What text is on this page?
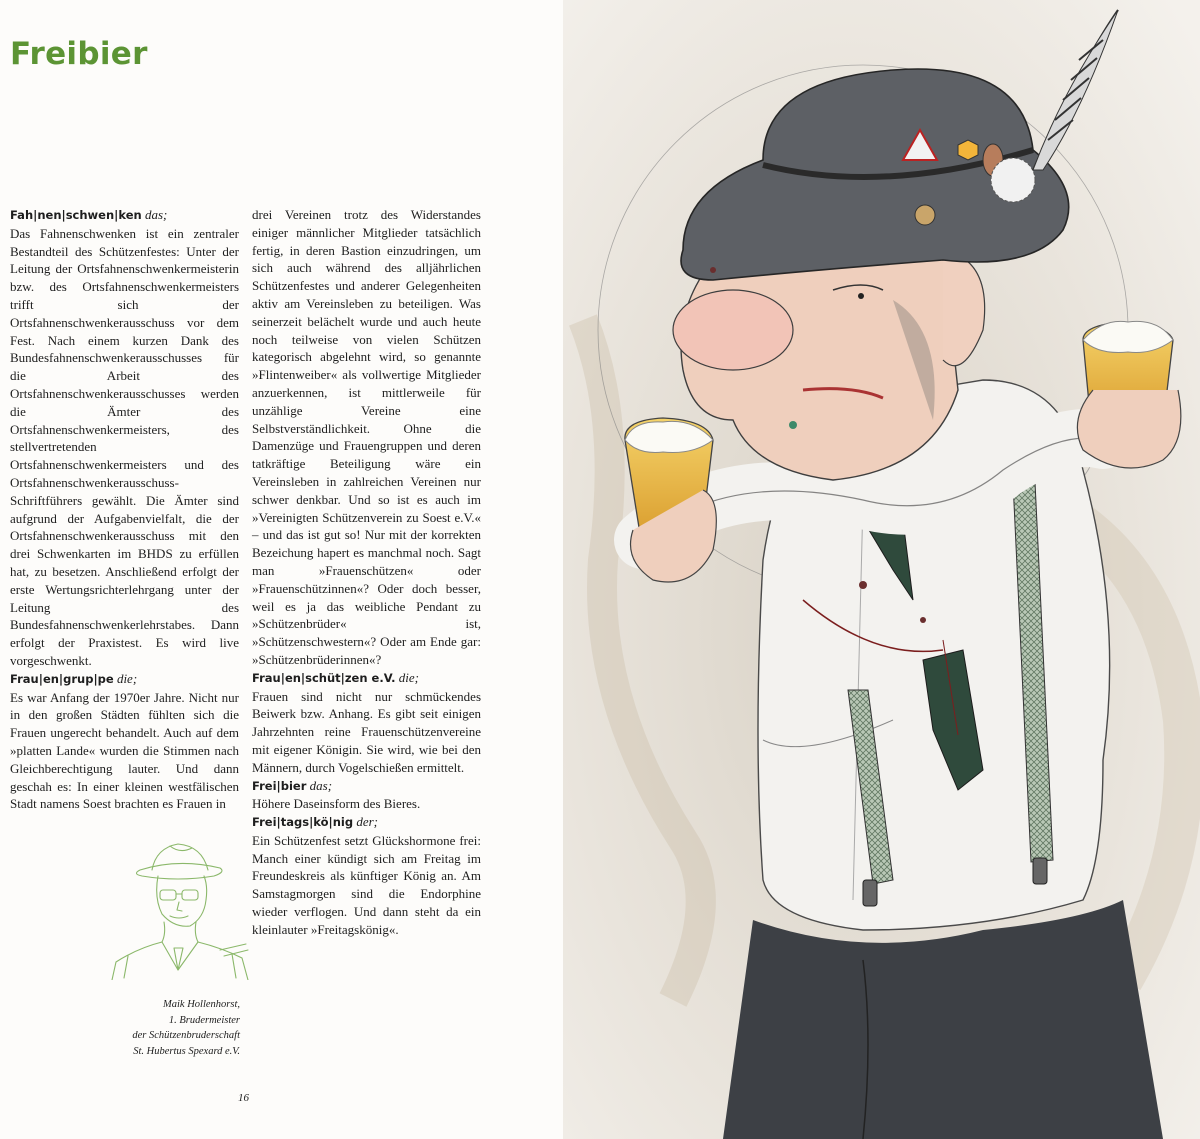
Freibier

Fah|nen|schwen|ken das;

Das Fahnenschwenken ist ein zentraler Bestandteil des Schützenfestes: Unter der Leitung der Ortsfahnenschwenkermeisterin bzw. des Ortsfahnenschwenkermeisters trifft sich der Ortsfahnenschwenkerausschuss vor dem Fest. Nach einem kurzen Dank des Bundesfahnenschwenkerausschusses für die Arbeit des Ortsfahnenschwenkerausschusses werden die Ämter des Ortsfahnenschwenkermeisters, des stellvertretenden Ortsfahnenschwenkermeisters und des Ortsfahnenschwenkerausschuss-Schriftführers gewählt. Die Ämter sind aufgrund der Aufgabenvielfalt, die der Ortsfahnenschwenkerausschuss mit den drei Schwenkarten im BHDS zu erfüllen hat, zu besetzen. Anschließend erfolgt der erste Wertungsrichterlehrgang unter der Leitung des Bundesfahnenschwenkerlehrstabes. Dann erfolgt der Praxistest. Es wird live vorgeschwenkt.

Frau|en|grup|pe die;

Es war Anfang der 1970er Jahre. Nicht nur in den großen Städten fühlten sich die Frauen ungerecht behandelt. Auch auf dem »platten Lande« wurden die Stimmen nach Gleichberechtigung lauter. Und dann geschah es: In einer kleinen westfälischen Stadt namens Soest brachten es Frauen in

drei Vereinen trotz des Widerstandes einiger männlicher Mitglieder tatsächlich fertig, in deren Bastion einzudringen, um sich auch während des alljährlichen Schützenfestes und anderer Gelegenheiten aktiv am Vereinsleben zu beteiligen. Was seinerzeit belächelt wurde und auch heute noch teilweise von vielen Schützen kategorisch abgelehnt wird, so genannte »Flintenweiber« als vollwertige Mitglieder anzuerkennen, ist mittlerweile für unzählige Vereine eine Selbstverständlichkeit. Ohne die Damenzüge und Frauengruppen und deren tatkräftige Beteiligung wäre ein Vereinsleben in zahlreichen Vereinen nur schwer denkbar. Und so ist es auch im »Vereinigten Schützenverein zu Soest e.V.« – und das ist gut so! Nur mit der korrekten Bezeichung hapert es manchmal noch. Sagt man »Frauenschützen« oder »Frauenschützinnen«? Oder doch besser, weil es ja das weibliche Pendant zu »Schützenbrüder« ist, »Schützenschwestern«? Oder am Ende gar: »Schützenbrüderinnen«?

Frau|en|schüt|zen e.V. die;

Frauen sind nicht nur schmückendes Beiwerk bzw. Anhang. Es gibt seit einigen Jahrzehnten reine Frauenschützenvereine mit eigener Königin. Sie wird, wie bei den Männern, durch Vogelschießen ermittelt.

Frei|bier das;

Höhere Daseinsform des Bieres.

Frei|tags|kö|nig der;

Ein Schützenfest setzt Glückshormone frei: Manch einer kündigt sich am Freitag im Freundeskreis als künftiger König an. Am Samstagmorgen sind die Endorphine wieder verflogen. Und dann steht da ein kleinlauter »Freitagskönig«.

Maik Hollenhorst,
1. Brudermeister
der Schützenbruderschaft
St. Hubertus Spexard e.V.

16
